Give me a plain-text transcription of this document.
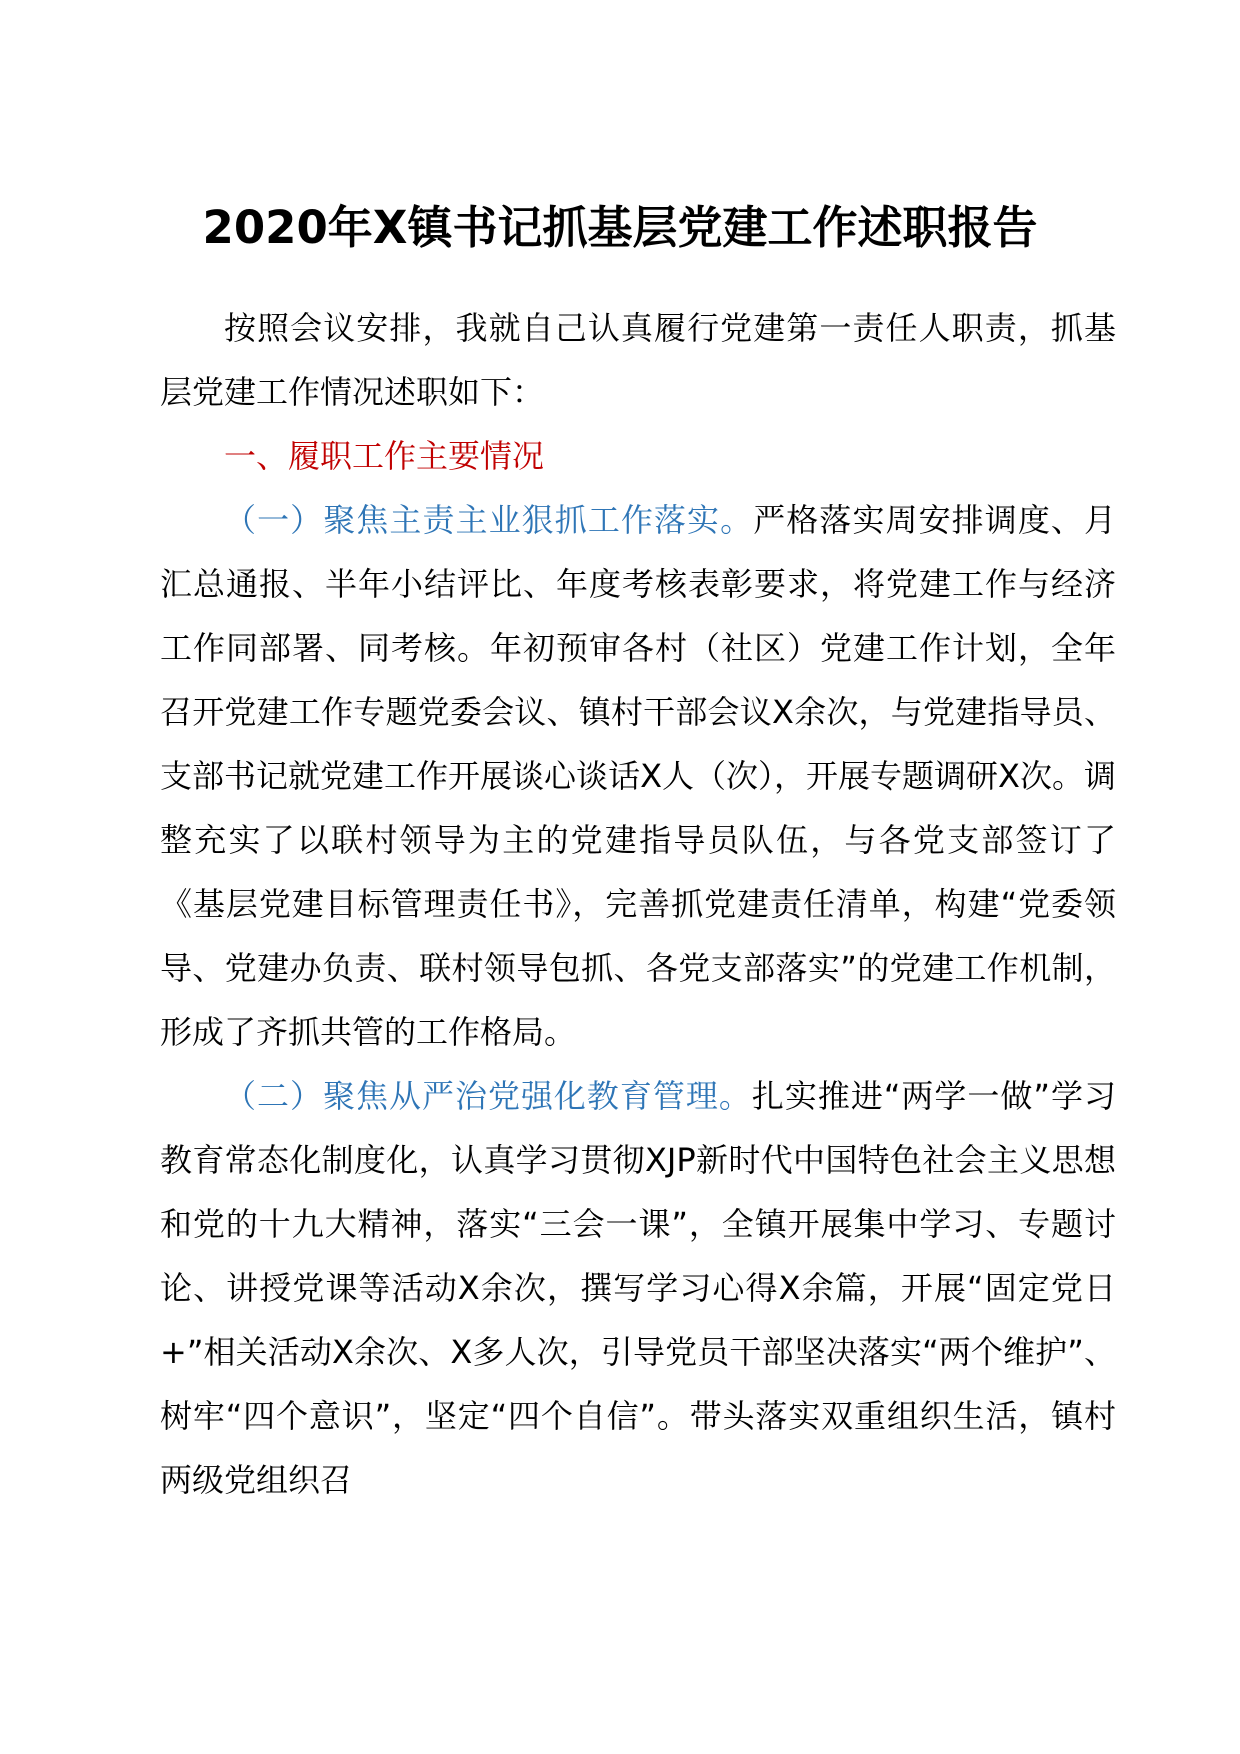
2020年X镇书记抓基层党建工作述职报告

按照会议安排，我就自己认真履行党建第一责任人职责，抓基层党建工作情况述职如下：

一、履职工作主要情况

（一）聚焦主责主业狠抓工作落实。严格落实周安排调度、月汇总通报、半年小结评比、年度考核表彰要求，将党建工作与经济工作同部署、同考核。年初预审各村（社区）党建工作计划，全年召开党建工作专题党委会议、镇村干部会议X余次，与党建指导员、支部书记就党建工作开展谈心谈话X人（次），开展专题调研X次。调整充实了以联村领导为主的党建指导员队伍，与各党支部签订了《基层党建目标管理责任书》，完善抓党建责任清单，构建“党委领导、党建办负责、联村领导包抓、各党支部落实”的党建工作机制，形成了齐抓共管的工作格局。

（二）聚焦从严治党强化教育管理。扎实推进“两学一做”学习教育常态化制度化，认真学习贯彻XJP新时代中国特色社会主义思想和党的十九大精神，落实“三会一课”，全镇开展集中学习、专题讨论、讲授党课等活动X余次，撰写学习心得X余篇，开展“固定党日+”相关活动X余次、X多人次，引导党员干部坚决落实“两个维护”、树牢“四个意识”，坚定“四个自信”。带头落实双重组织生活，镇村两级党组织召
